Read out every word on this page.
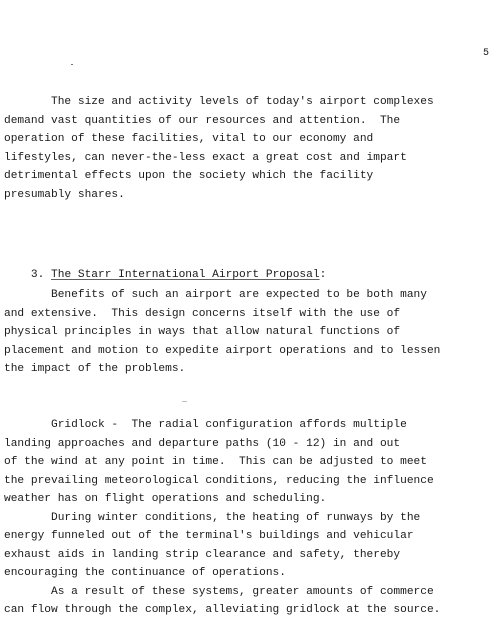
5
The size and activity levels of today's airport complexes
demand vast quantities of our resources and attention.  The
operation of these facilities, vital to our economy and
lifestyles, can never-the-less exact a great cost and impart
detrimental effects upon the society which the facility
presumably shares.

3. The Starr International Airport Proposal:

Benefits of such an airport are expected to be both many
and extensive.  This design concerns itself with the use of
physical principles in ways that allow natural functions of
placement and motion to expedite airport operations and to lessen
the impact of the problems.
Gridlock -  The radial configuration affords multiple
landing approaches and departure paths (10 - 12) in and out
of the wind at any point in time.  This can be adjusted to meet
the prevailing meteorological conditions, reducing the influence
weather has on flight operations and scheduling.
During winter conditions, the heating of runways by the
energy funneled out of the terminal's buildings and vehicular
exhaust aids in landing strip clearance and safety, thereby
encouraging the continuance of operations.
As a result of these systems, greater amounts of commerce
can flow through the complex, alleviating gridlock at the source.
